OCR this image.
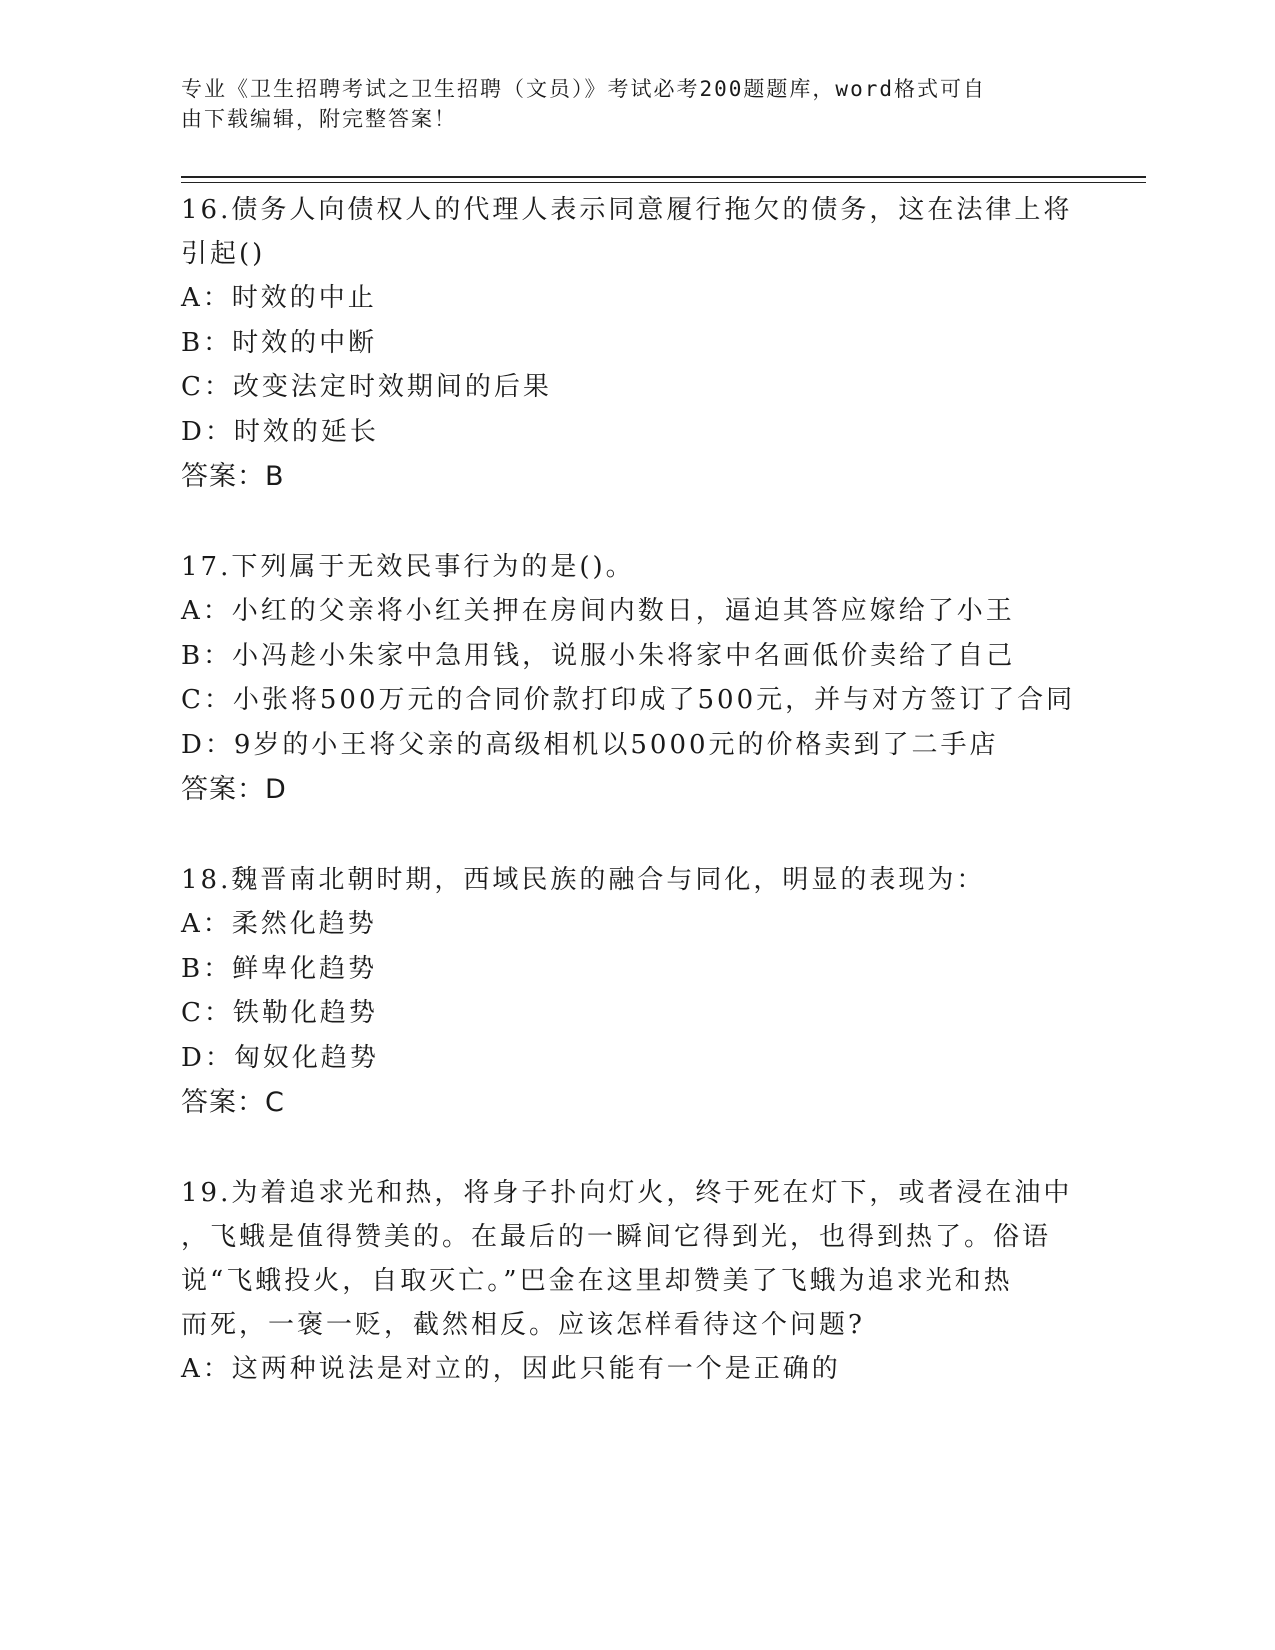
专业《卫生招聘考试之卫生招聘（文员）》考试必考200题题库，word格式可自
由下载编辑，附完整答案！
16.债务人向债权人的代理人表示同意履行拖欠的债务，这在法律上将
引起()
A：时效的中止
B：时效的中断
C：改变法定时效期间的后果
D：时效的延长
答案：B
17.下列属于无效民事行为的是()。
A：小红的父亲将小红关押在房间内数日，逼迫其答应嫁给了小王
B：小冯趁小朱家中急用钱，说服小朱将家中名画低价卖给了自己
C：小张将500万元的合同价款打印成了500元，并与对方签订了合同
D：9岁的小王将父亲的高级相机以5000元的价格卖到了二手店
答案：D
18.魏晋南北朝时期，西域民族的融合与同化，明显的表现为：
A：柔然化趋势
B：鲜卑化趋势
C：铁勒化趋势
D：匈奴化趋势
答案：C
19.为着追求光和热，将身子扑向灯火，终于死在灯下，或者浸在油中
，飞蛾是值得赞美的。在最后的一瞬间它得到光，也得到热了。俗语
说“飞蛾投火，自取灭亡。”巴金在这里却赞美了飞蛾为追求光和热
而死，一褒一贬，截然相反。应该怎样看待这个问题?
A：这两种说法是对立的，因此只能有一个是正确的
